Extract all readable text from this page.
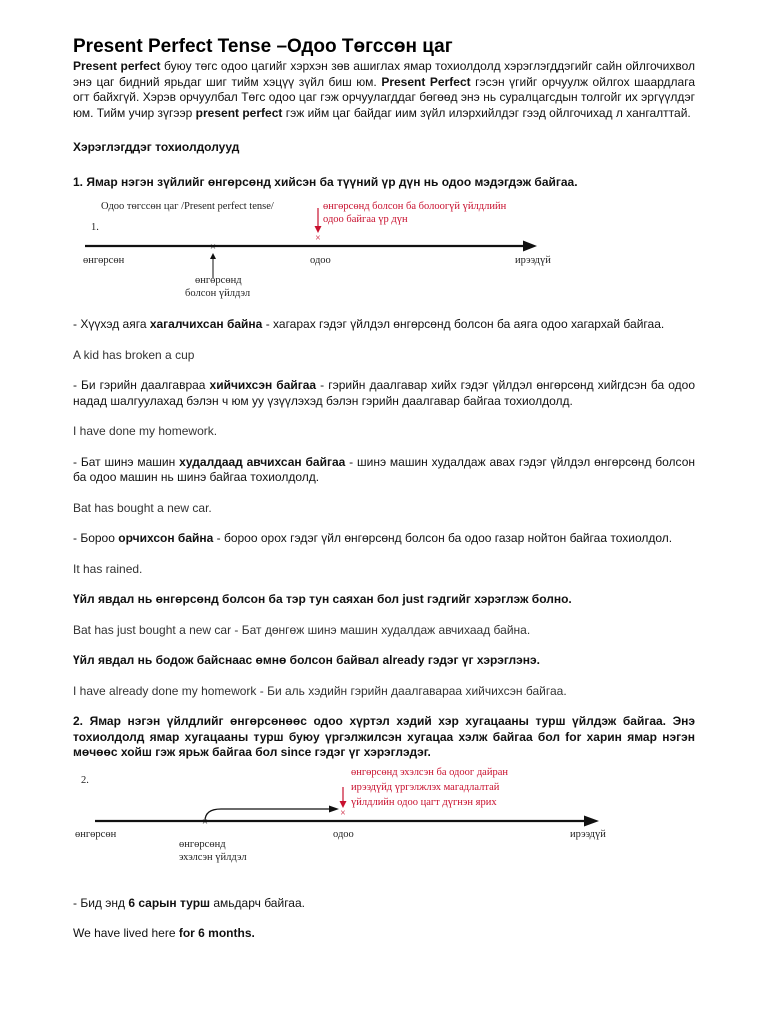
Present Perfect Tense –Одоо Төгссөн цаг

Present perfect буюу төгс одоо цагийг хэрхэн зөв ашиглах ямар тохиолдолд хэрэглэгддэгийг сайн ойлгочихвол энэ цаг бидний ярьдаг шиг тийм хэцүү зүйл биш юм. Present Perfect гэсэн үгийг орчуулж ойлгох шаардлага огт байхгүй. Хэрэв орчуулбал Төгс одоо цаг гэж орчуулагддаг бөгөөд энэ нь суралцагсдын толгойг их эргүүлдэг юм. Тийм учир зүгээр present perfect гэж ийм цаг байдаг иим зүйл илэрхийлдэг гээд ойлгочихад л хангалттай.

Хэрэглэгддэг тохиолдолууд

1. Ямар нэгэн зүйлийг өнгөрсөнд хийсэн ба түүний үр дүн нь одоо мэдэгдэж байгаа.

×
×
Одоо төгссөн цаг /Present perfect tense/
1.
өнгөрсөн	одоо	ирээдүй
өнгөрсөнд
болсон үйлдэл
өнгөрсөнд болсон ба болоогүй үйлдлийн
одоо байгаа үр дүн

- Хүүхэд аяга хагалчихсан байна - хагарах гэдэг үйлдэл өнгөрсөнд болсон ба аяга одоо хагархай байгаа.

A kid has broken a cup

- Би гэрийн даалгавраа хийчихсэн байгаа - гэрийн даалгавар хийх гэдэг үйлдэл өнгөрсөнд хийгдсэн ба одоо надад шалгуулахад бэлэн ч юм уу үзүүлэхэд бэлэн гэрийн даалгавар байгаа тохиолдолд.

I have done my homework.

- Бат шинэ машин худалдаад авчихсан байгаа - шинэ машин худалдаж авах гэдэг үйлдэл өнгөрсөнд болсон ба одоо машин нь шинэ байгаа тохиолдолд.

Bat has bought a new car.

- Бороо орчихсон байна - бороо орох гэдэг үйл өнгөрсөнд болсон ба одоо газар нойтон байгаа тохиолдол.

It has rained.

Үйл явдал нь өнгөрсөнд болсон ба тэр тун саяхан бол just гэдгийг хэрэглэж болно.

Bat has just bought a new car - Бат дөнгөж шинэ машин худалдаж авчихаад байна.

Үйл явдал нь бодож байснаас өмнө болсон байвал already гэдэг үг хэрэглэнэ.

I have already done my homework - Би аль хэдийн гэрийн даалгавараа хийчихсэн байгаа.

2. Ямар нэгэн үйлдлийг өнгөрсөнөөс одоо хүртэл хэдий хэр хугацааны турш үйлдэж байгаа. Энэ тохиолдолд ямар хугацааны турш буюу үргэлжилсэн хугацаа хэлж байгаа бол for харин ямар нэгэн мөчөөс хойш гэж ярьж байгаа бол since гэдэг үг хэрэглэдэг.

×
×
2.
өнгөрсөн	одоо	ирээдүй
өнгөрсөнд
эхэлсэн үйлдэл
өнгөрсөнд эхэлсэн ба одоог дайран
ирээдүйд үргэлжлэх магадлалтай
үйлдлийн одоо цагт дүгнэн ярих

- Бид энд 6 сарын турш амьдарч байгаа.

We have lived here for 6 months.
